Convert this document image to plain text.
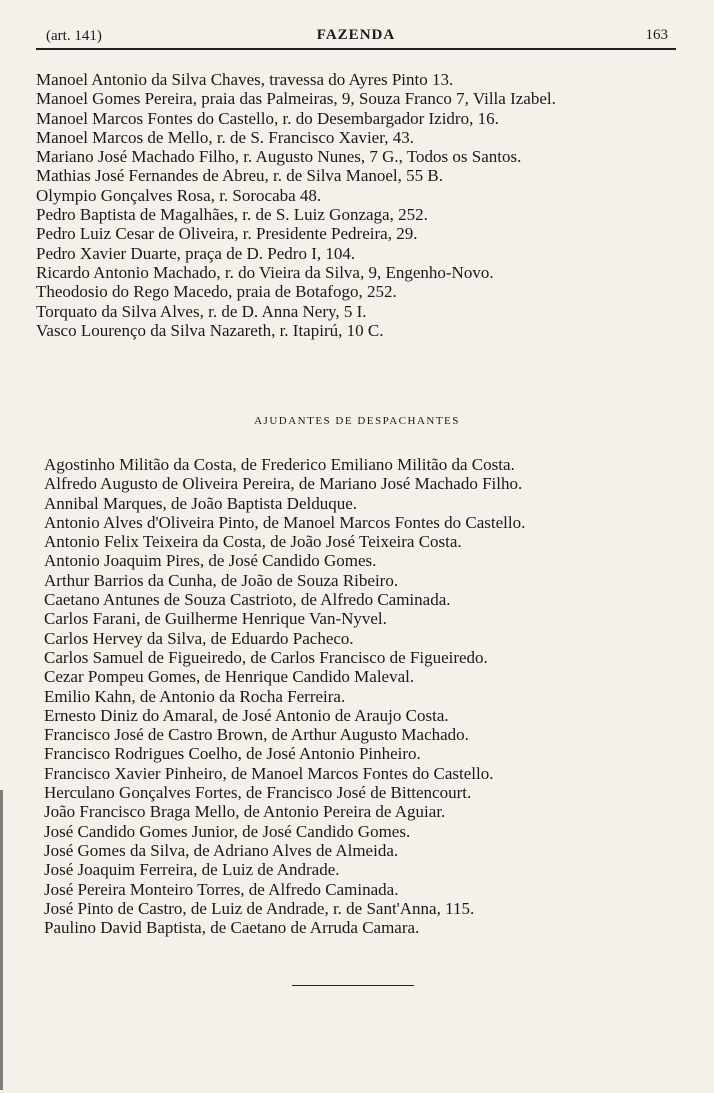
(art. 141)	FAZENDA	163

Manoel Antonio da Silva Chaves, travessa do Ayres Pinto 13.

Manoel Gomes Pereira, praia das Palmeiras, 9, Souza Franco 7, Villa Izabel.

Manoel Marcos Fontes do Castello, r. do Desembargador Izidro, 16.

Manoel Marcos de Mello, r. de S. Francisco Xavier, 43.

Mariano José Machado Filho, r. Augusto Nunes, 7 G., Todos os Santos.

Mathias José Fernandes de Abreu, r. de Silva Manoel, 55 B.

Olympio Gonçalves Rosa, r. Sorocaba 48.

Pedro Baptista de Magalhães, r. de S. Luiz Gonzaga, 252.

Pedro Luiz Cesar de Oliveira, r. Presidente Pedreira, 29.

Pedro Xavier Duarte, praça de D. Pedro I, 104.

Ricardo Antonio Machado, r. do Vieira da Silva, 9, Engenho-Novo.

Theodosio do Rego Macedo, praia de Botafogo, 252.

Torquato da Silva Alves, r. de D. Anna Nery, 5 I.

Vasco Lourenço da Silva Nazareth, r. Itapirú, 10 C.

AJUDANTES DE DESPACHANTES

Agostinho Militão da Costa, de Frederico Emiliano Militão da Costa.

Alfredo Augusto de Oliveira Pereira, de Mariano José Machado Filho.

Annibal Marques, de João Baptista Delduque.

Antonio Alves d'Oliveira Pinto, de Manoel Marcos Fontes do Castello.

Antonio Felix Teixeira da Costa, de João José Teixeira Costa.

Antonio Joaquim Pires, de José Candido Gomes.

Arthur Barrios da Cunha, de João de Souza Ribeiro.

Caetano Antunes de Souza Castrioto, de Alfredo Caminada.

Carlos Farani, de Guilherme Henrique Van-Nyvel.

Carlos Hervey da Silva, de Eduardo Pacheco.

Carlos Samuel de Figueiredo, de Carlos Francisco de Figueiredo.

Cezar Pompeu Gomes, de Henrique Candido Maleval.

Emilio Kahn, de Antonio da Rocha Ferreira.

Ernesto Diniz do Amaral, de José Antonio de Araujo Costa.

Francisco José de Castro Brown, de Arthur Augusto Machado.

Francisco Rodrigues Coelho, de José Antonio Pinheiro.

Francisco Xavier Pinheiro, de Manoel Marcos Fontes do Castello.

Herculano Gonçalves Fortes, de Francisco José de Bittencourt.

João Francisco Braga Mello, de Antonio Pereira de Aguiar.

José Candido Gomes Junior, de José Candido Gomes.

José Gomes da Silva, de Adriano Alves de Almeida.

José Joaquim Ferreira, de Luiz de Andrade.

José Pereira Monteiro Torres, de Alfredo Caminada.

José Pinto de Castro, de Luiz de Andrade, r. de Sant'Anna, 115.

Paulino David Baptista, de Caetano de Arruda Camara.
